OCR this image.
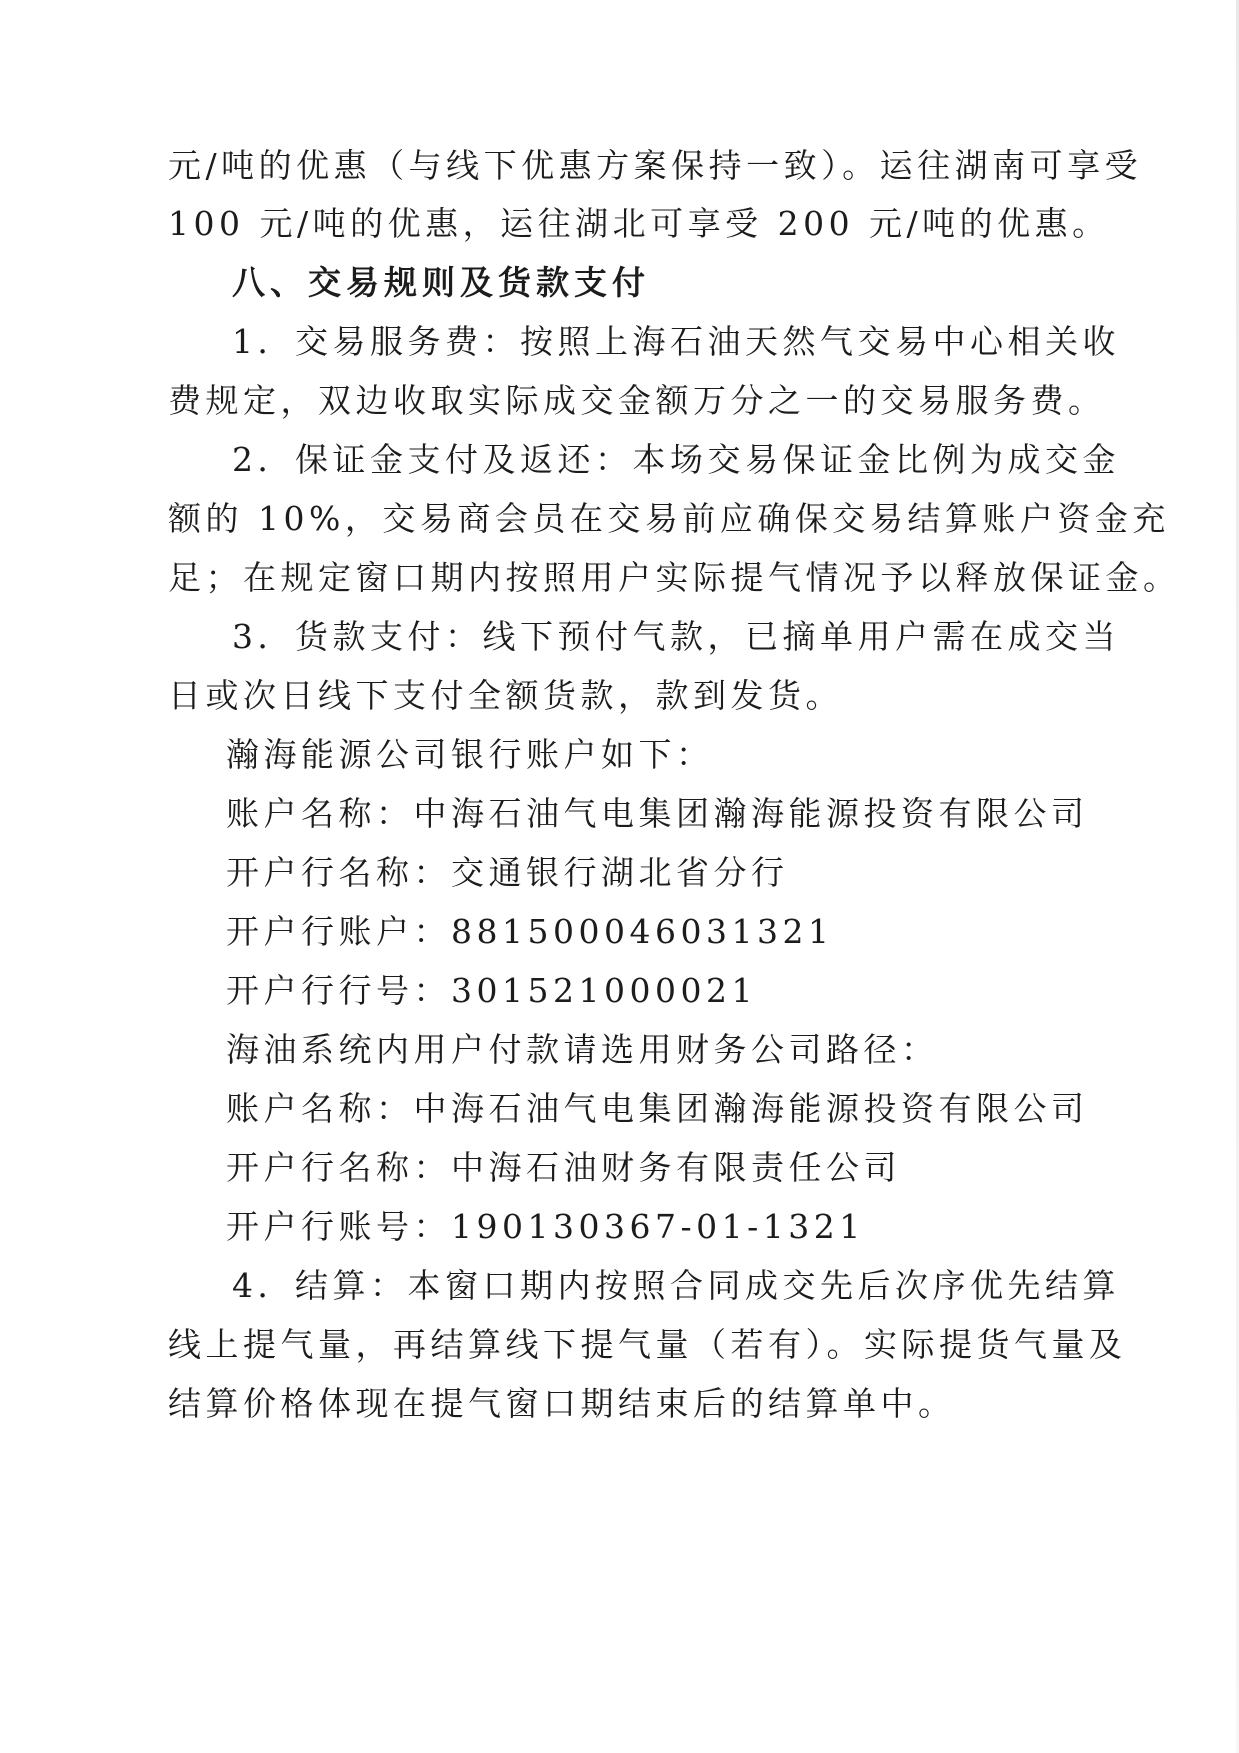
元/吨的优惠（与线下优惠方案保持一致）。运往湖南可享受
100 元/吨的优惠，运往湖北可享受 200 元/吨的优惠。
八、交易规则及货款支付
1．交易服务费：按照上海石油天然气交易中心相关收
费规定，双边收取实际成交金额万分之一的交易服务费。
2．保证金支付及返还：本场交易保证金比例为成交金
额的 10%，交易商会员在交易前应确保交易结算账户资金充
足；在规定窗口期内按照用户实际提气情况予以释放保证金。
3．货款支付：线下预付气款，已摘单用户需在成交当
日或次日线下支付全额货款，款到发货。
瀚海能源公司银行账户如下：
账户名称：中海石油气电集团瀚海能源投资有限公司
开户行名称：交通银行湖北省分行
开户行账户：881500046031321
开户行行号：301521000021
海油系统内用户付款请选用财务公司路径：
账户名称：中海石油气电集团瀚海能源投资有限公司
开户行名称：中海石油财务有限责任公司
开户行账号：190130367-01-1321
4．结算：本窗口期内按照合同成交先后次序优先结算
线上提气量，再结算线下提气量（若有）。实际提货气量及
结算价格体现在提气窗口期结束后的结算单中。
